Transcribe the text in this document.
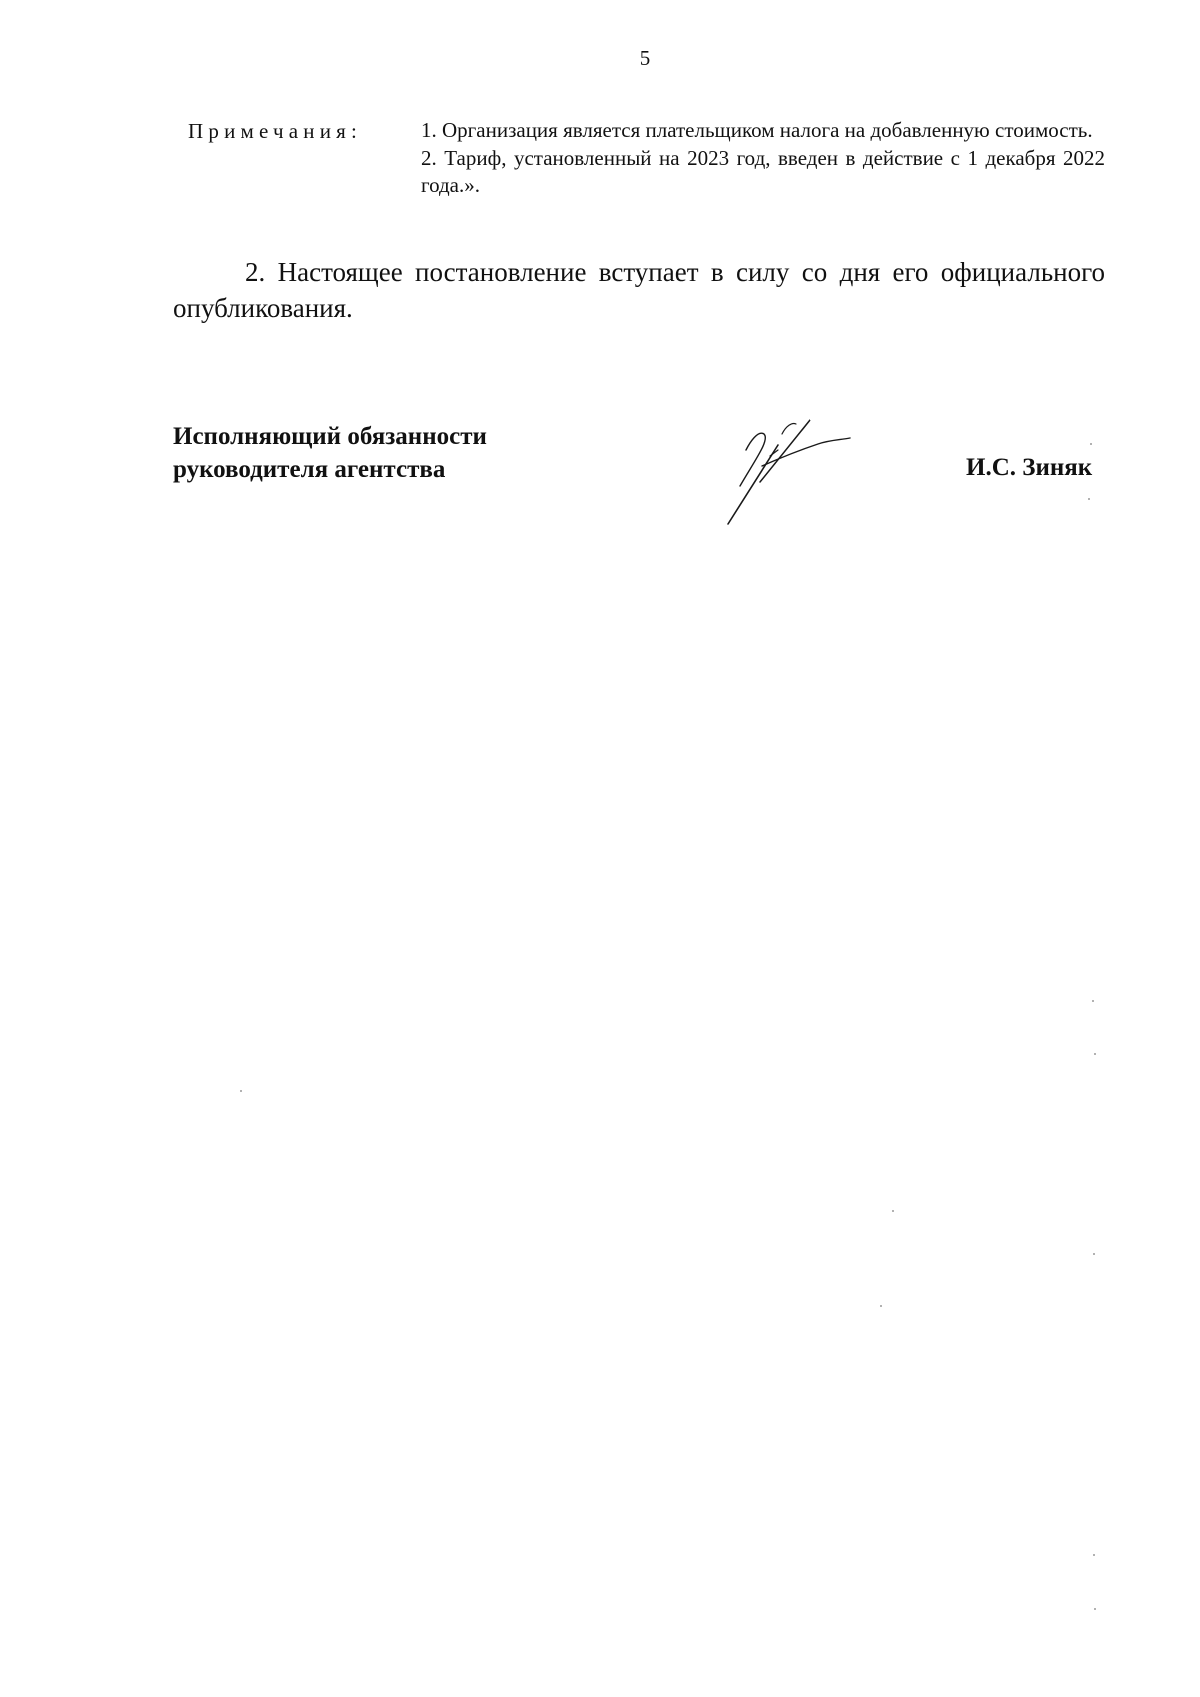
5
Примечания:	1. Организация является плательщиком налога на добавленную стоимость.

2. Тариф, установленный на 2023 год, введен в действие с 1 декабря 2022 года.».

2. Настоящее постановление вступает в силу со дня его официального опубликования.

Исполняющий обязанности
руководителя агентства	И.С. Зиняк
